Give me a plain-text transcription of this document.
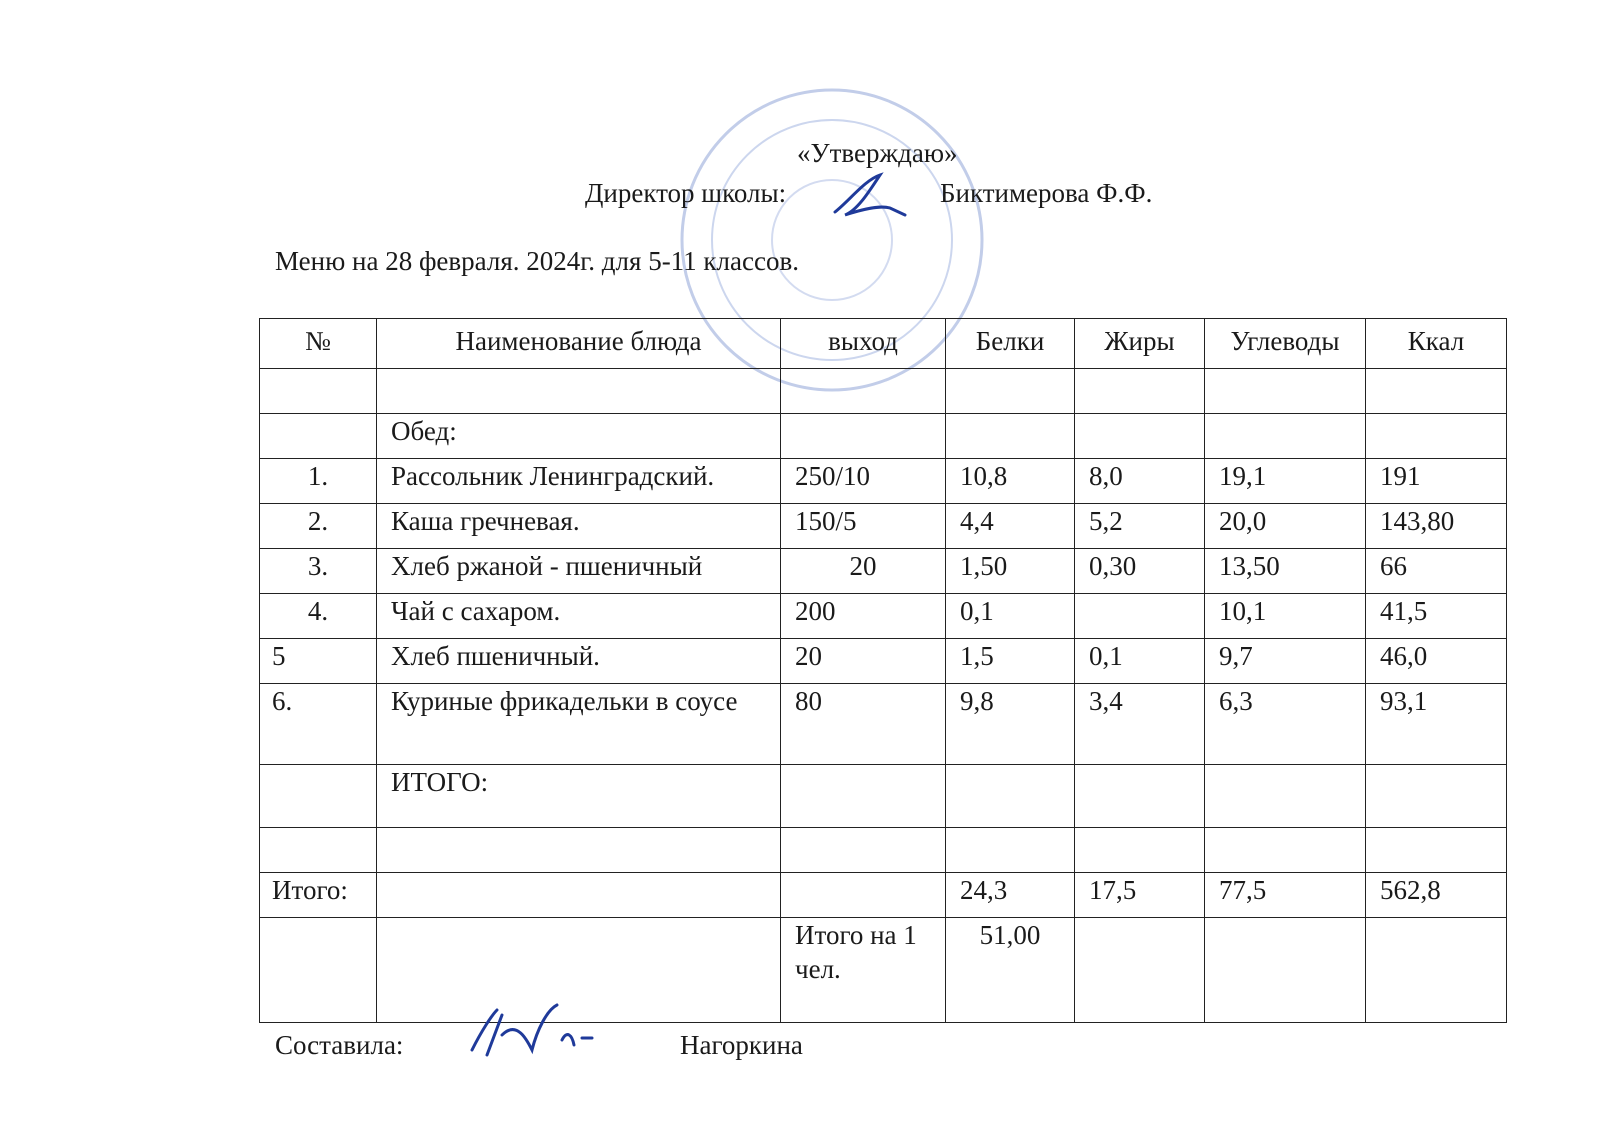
«Утверждаю»
Директор школы:	Биктимерова Ф.Ф.
Меню на 28 февраля. 2024г. для 5-11 классов.
№	Наименование блюда	выход	Белки	Жиры	Углеводы	Ккал

	Обед:					
1.	Рассольник Ленинградский.	250/10	10,8	8,0	19,1	191
2.	Каша гречневая.	150/5	4,4	5,2	20,0	143,80
3.	Хлеб ржаной - пшеничный	20	1,50	0,30	13,50	66
4.	Чай с сахаром.	200	0,1		10,1	41,5
5	Хлеб пшеничный.	20	1,5	0,1	9,7	46,0
6.	Куриные фрикадельки в соусе	80	9,8	3,4	6,3	93,1
	ИТОГО:					

Итого:			24,3	17,5	77,5	562,8
		Итого на 1 чел.	51,00			
Составила:	Нагоркина
